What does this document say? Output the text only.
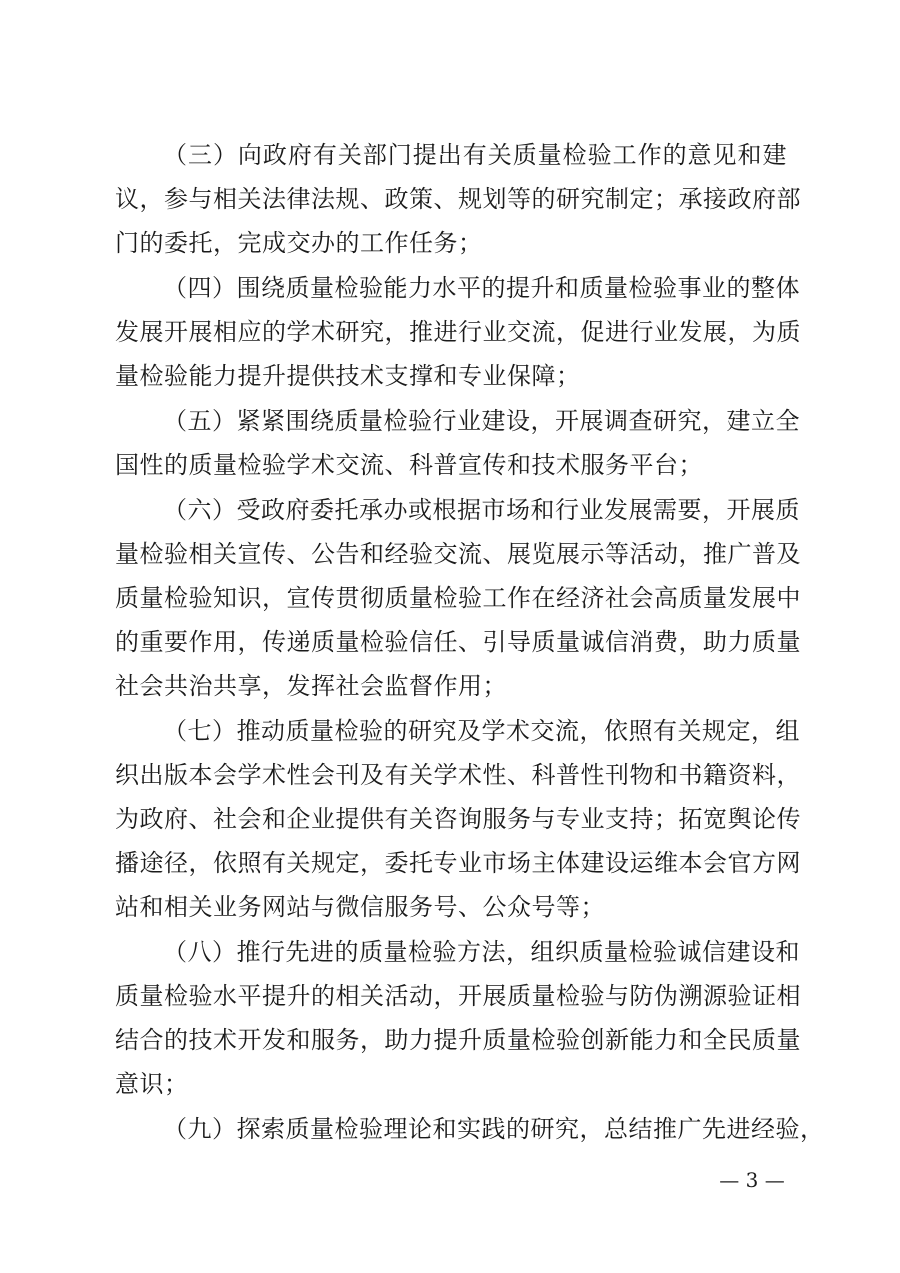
（三）向政府有关部门提出有关质量检验工作的意见和建
议，参与相关法律法规、政策、规划等的研究制定；承接政府部
门的委托，完成交办的工作任务；
（四）围绕质量检验能力水平的提升和质量检验事业的整体
发展开展相应的学术研究，推进行业交流，促进行业发展，为质
量检验能力提升提供技术支撑和专业保障；
（五）紧紧围绕质量检验行业建设，开展调查研究，建立全
国性的质量检验学术交流、科普宣传和技术服务平台；
（六）受政府委托承办或根据市场和行业发展需要，开展质
量检验相关宣传、公告和经验交流、展览展示等活动，推广普及
质量检验知识，宣传贯彻质量检验工作在经济社会高质量发展中
的重要作用，传递质量检验信任、引导质量诚信消费，助力质量
社会共治共享，发挥社会监督作用；
（七）推动质量检验的研究及学术交流，依照有关规定，组
织出版本会学术性会刊及有关学术性、科普性刊物和书籍资料，
为政府、社会和企业提供有关咨询服务与专业支持；拓宽舆论传
播途径，依照有关规定，委托专业市场主体建设运维本会官方网
站和相关业务网站与微信服务号、公众号等；
（八）推行先进的质量检验方法，组织质量检验诚信建设和
质量检验水平提升的相关活动，开展质量检验与防伪溯源验证相
结合的技术开发和服务，助力提升质量检验创新能力和全民质量
意识；
（九）探索质量检验理论和实践的研究，总结推广先进经验，
— 3 —
